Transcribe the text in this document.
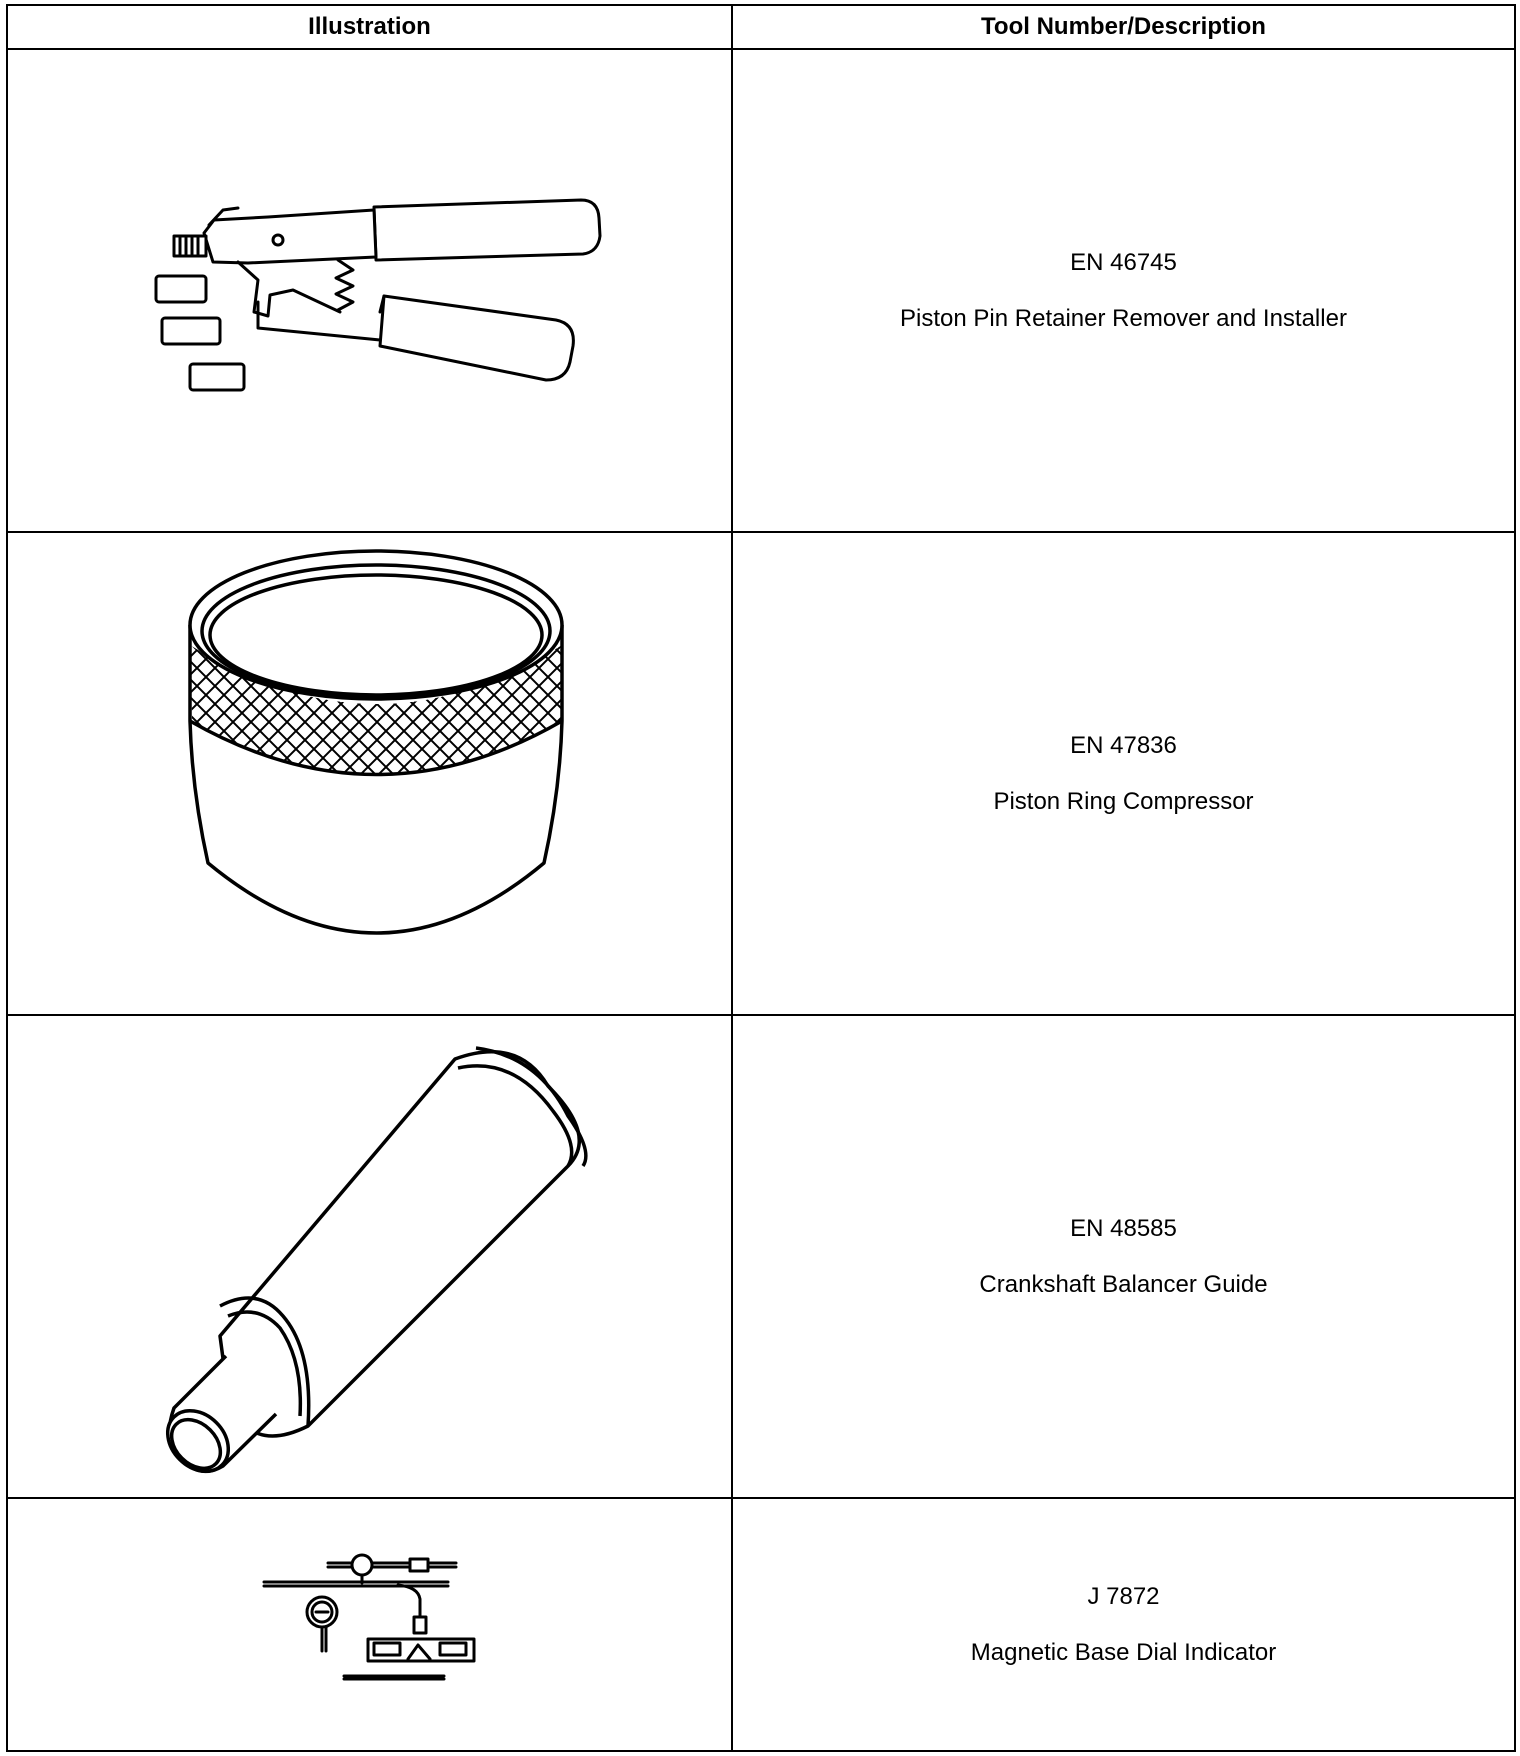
Illustration	Tool Number/Description

EN 46745
Piston Pin Retainer Remover and Installer

EN 47836
Piston Ring Compressor

EN 48585
Crankshaft Balancer Guide

J 7872
Magnetic Base Dial Indicator
